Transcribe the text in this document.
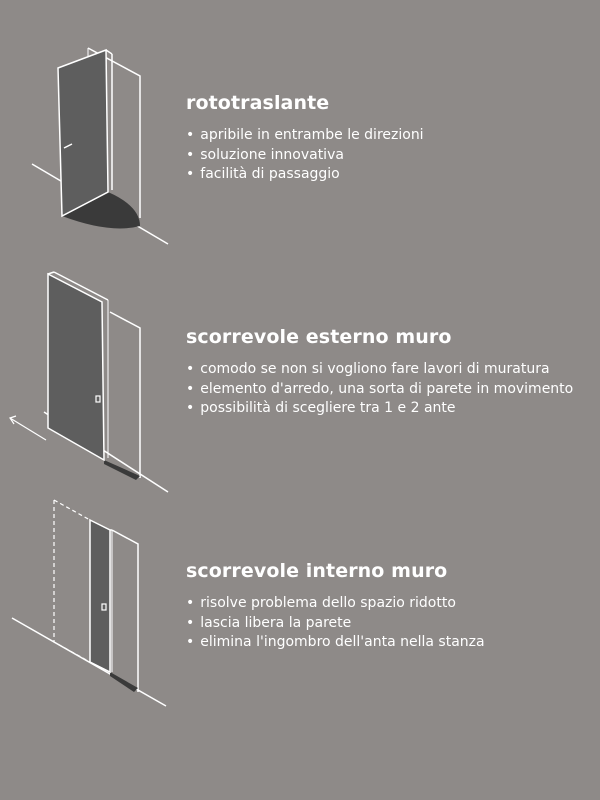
rototraslante
• apribile in entrambe le direzioni
• soluzione innovativa
• facilità di passaggio
scorrevole esterno muro
• comodo se non si vogliono fare lavori di muratura
• elemento d'arredo, una sorta di parete in movimento
• possibilità di scegliere tra 1 e 2 ante
scorrevole interno muro
• risolve problema dello spazio ridotto
• lascia libera la parete
• elimina l'ingombro dell'anta nella stanza
